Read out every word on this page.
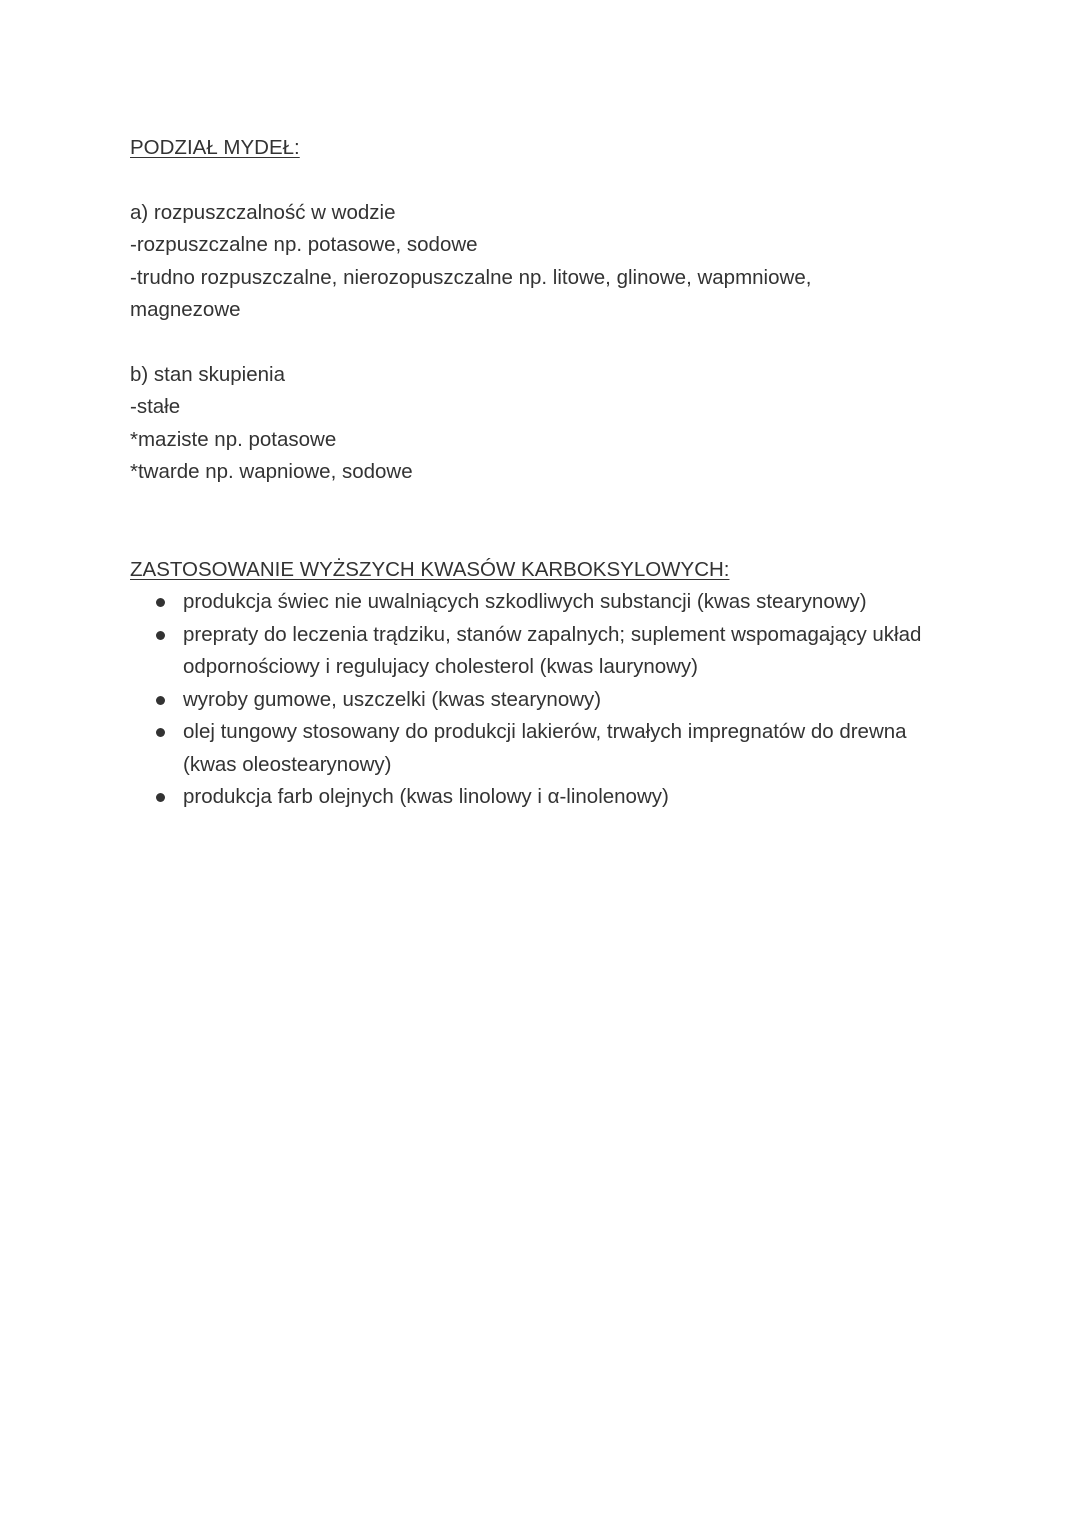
PODZIAŁ MYDEŁ:
a) rozpuszczalność w wodzie
-rozpuszczalne np. potasowe, sodowe
-trudno rozpuszczalne, nierozopuszczalne np. litowe, glinowe, wapmniowe,
magnezowe
b) stan skupienia
-stałe
*maziste np. potasowe
*twarde np. wapniowe, sodowe
ZASTOSOWANIE WYŻSZYCH KWASÓW KARBOKSYLOWYCH:
produkcja świec nie uwalniących szkodliwych substancji (kwas stearynowy)
prepraty do leczenia trądziku, stanów zapalnych; suplement wspomagający układ odpornościowy i regulujacy cholesterol (kwas laurynowy)
wyroby gumowe, uszczelki (kwas stearynowy)
olej tungowy stosowany do produkcji lakierów, trwałych impregnatów do drewna (kwas oleostearynowy)
produkcja farb olejnych (kwas linolowy i α-linolenowy)
